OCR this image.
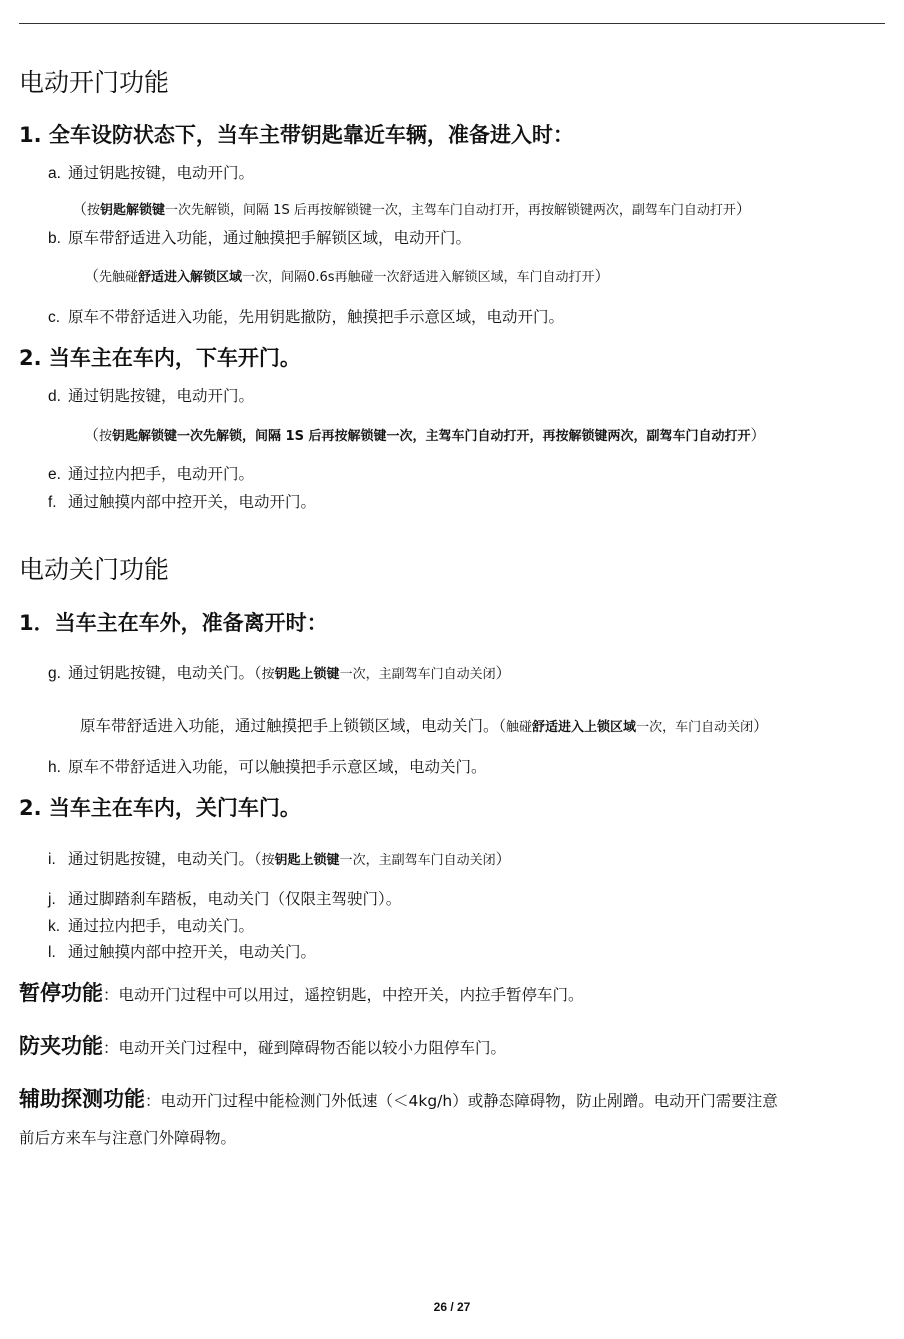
电动开门功能
1. 全车设防状态下，当车主带钥匙靠近车辆，准备进入时：
a. 通过钥匙按键，电动开门。
（按钥匙解锁键一次先解锁，间隔 1S 后再按解锁键一次，主驾车门自动打开，再按解锁键两次，副驾车门自动打开）
b. 原车带舒适进入功能，通过触摸把手解锁区域，电动开门。
（先触碰舒适进入解锁区域一次，间隔0.6s再触碰一次舒适进入解锁区域，车门自动打开）
c. 原车不带舒适进入功能，先用钥匙撤防，触摸把手示意区域，电动开门。
2. 当车主在车内，下车开门。
d. 通过钥匙按键，电动开门。
（按钥匙解锁键一次先解锁，间隔 1S 后再按解锁键一次，主驾车门自动打开，再按解锁键两次，副驾车门自动打开）
e. 通过拉内把手，电动开门。
f. 通过触摸内部中控开关，电动开门。
电动关门功能
1．当车主在车外，准备离开时：
g. 通过钥匙按键，电动关门。（按钥匙上锁键一次，主副驾车门自动关闭）
原车带舒适进入功能，通过触摸把手上锁锁区域，电动关门。（触碰舒适进入上锁区域一次，车门自动关闭）
h. 原车不带舒适进入功能，可以触摸把手示意区域，电动关门。
2. 当车主在车内，关门车门。
i. 通过钥匙按键，电动关门。（按钥匙上锁键一次，主副驾车门自动关闭）
j. 通过脚踏刹车踏板，电动关门（仅限主驾驶门）。
k. 通过拉内把手，电动关门。
l. 通过触摸内部中控开关，电动关门。
暂停功能：电动开门过程中可以用过，遥控钥匙，中控开关，内拉手暂停车门。
防夹功能：电动开关门过程中，碰到障碍物否能以较小力阻停车门。
辅助探测功能：电动开门过程中能检测门外低速（＜4kg/h）或静态障碍物，防止剐蹭。电动开门需要注意
前后方来车与注意门外障碍物。
26 / 27
